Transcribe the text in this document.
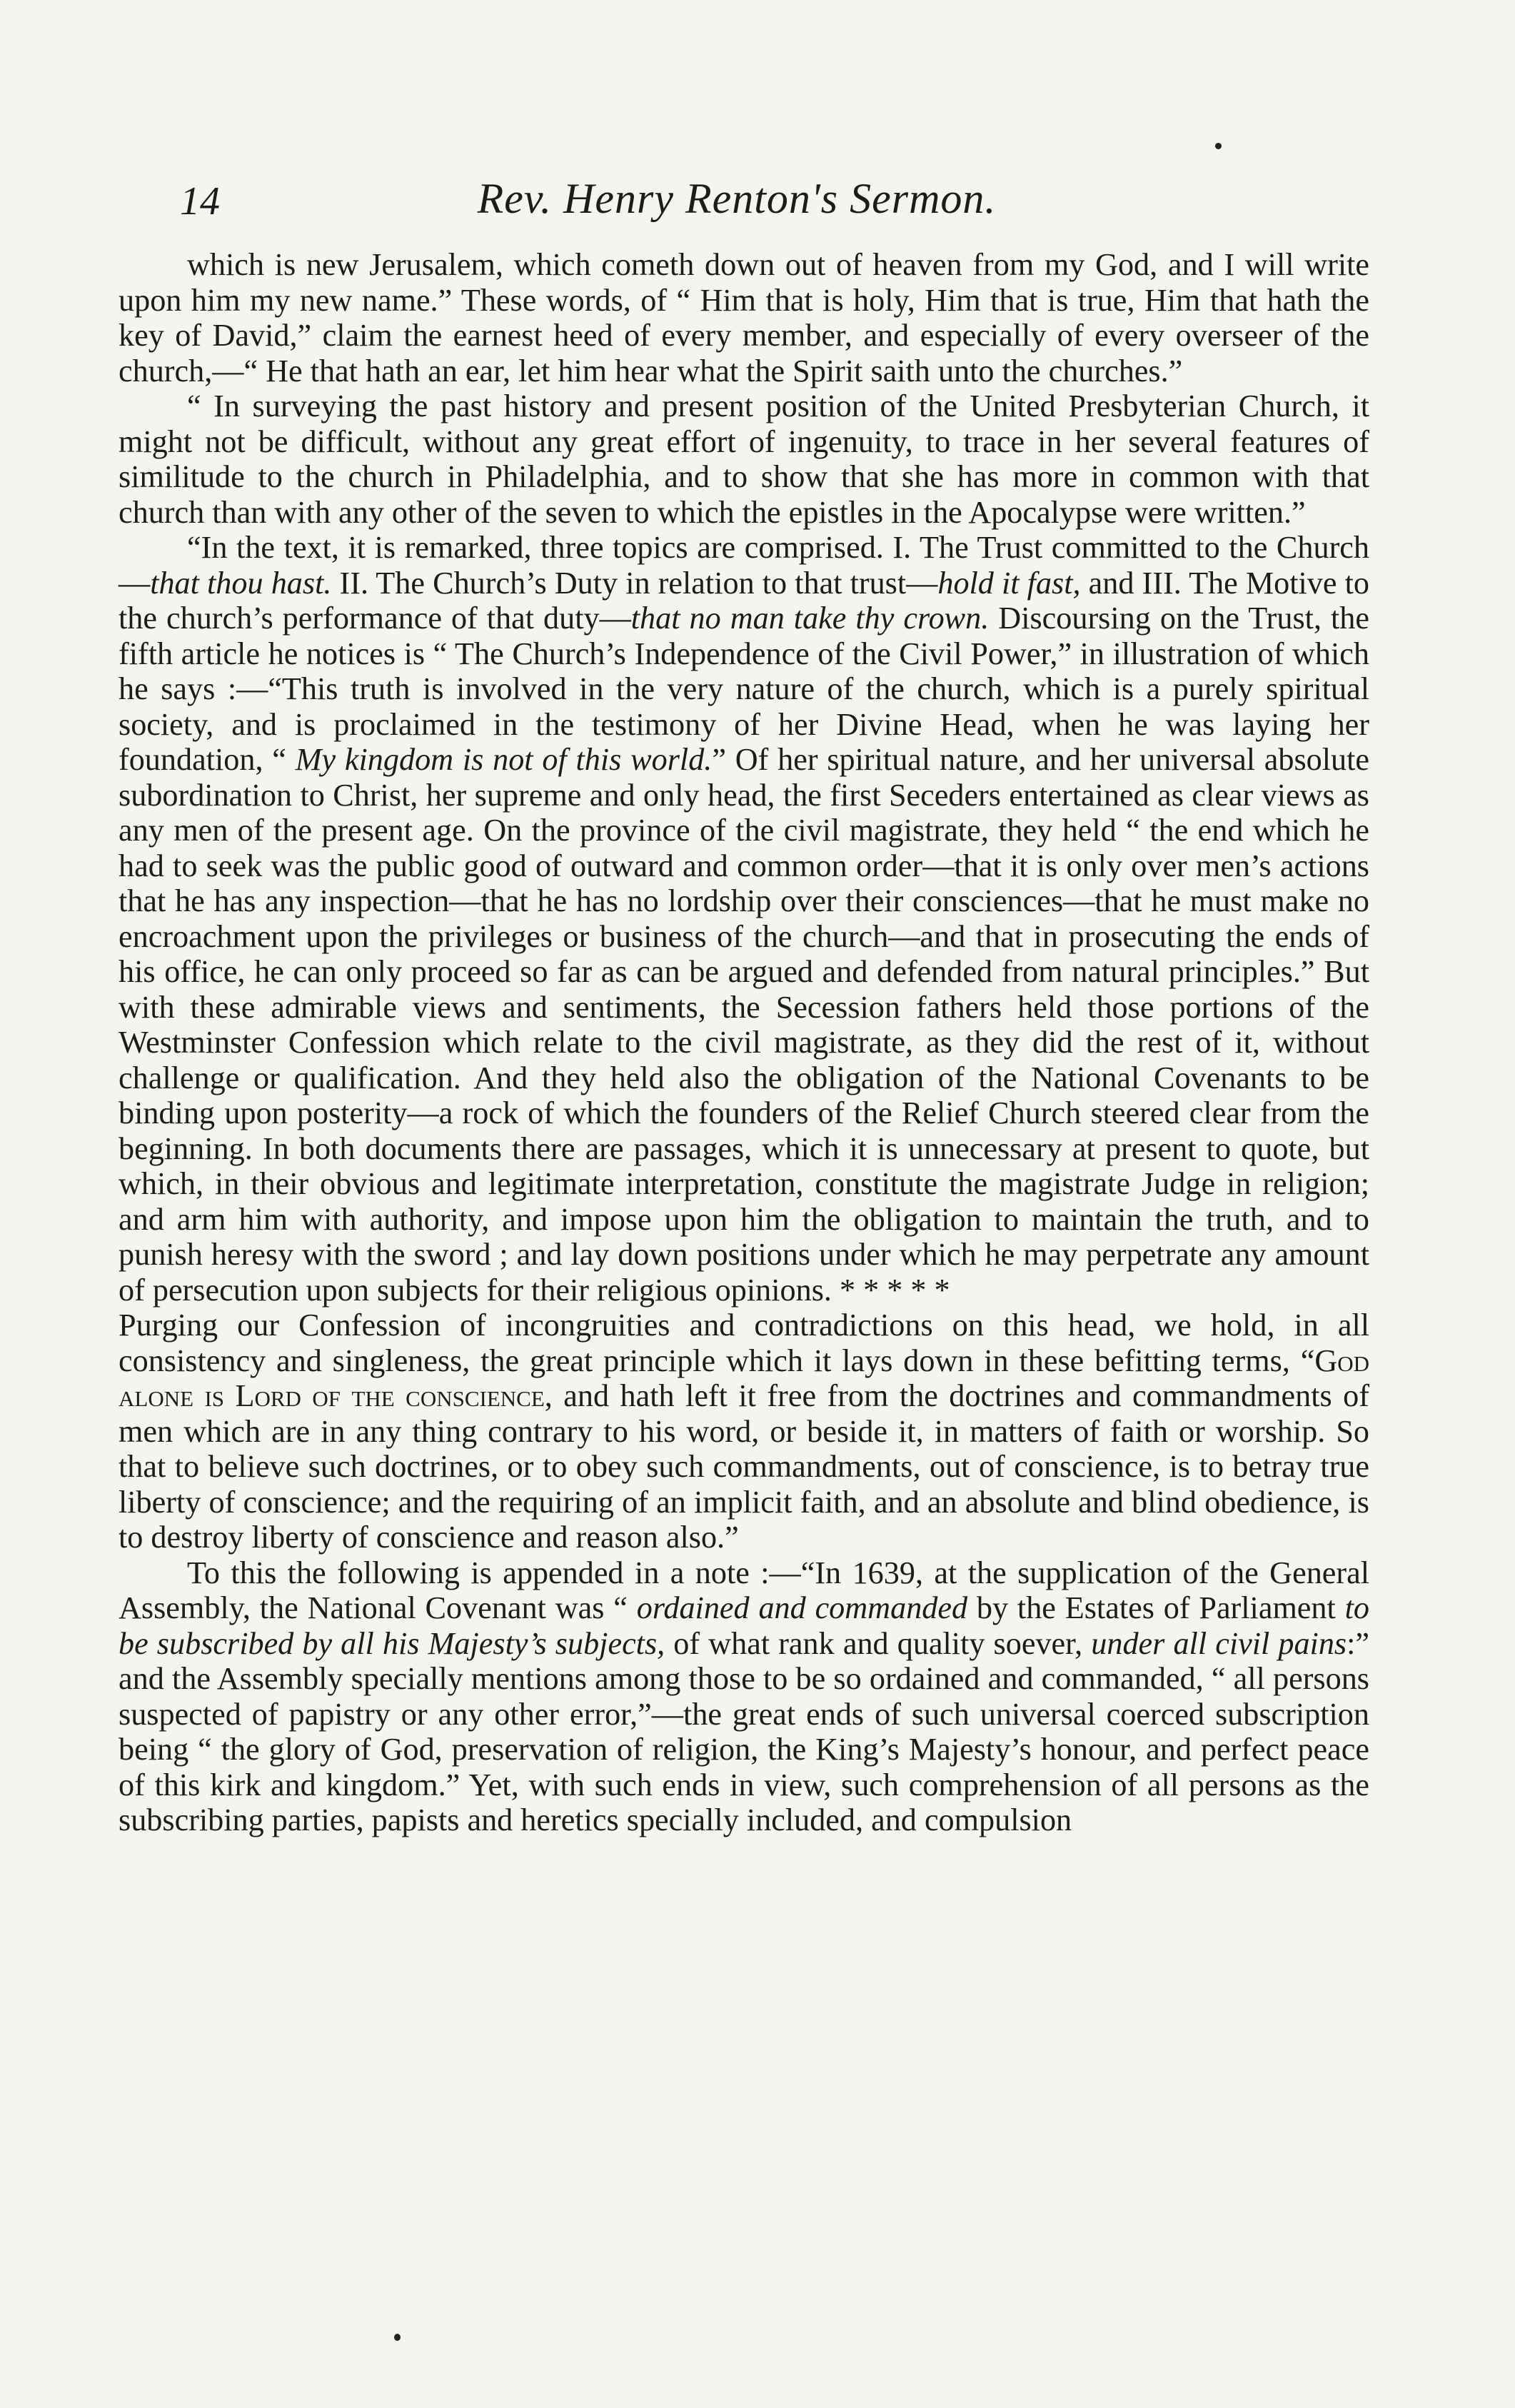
14	Rev. Henry Renton's Sermon.

which is new Jerusalem, which cometh down out of heaven from my God, and I will write upon him my new name.” These words, of “ Him that is holy, Him that is true, Him that hath the key of David,” claim the earnest heed of every member, and especially of every overseer of the church,—“ He that hath an ear, let him hear what the Spirit saith unto the churches.”

“ In surveying the past history and present position of the United Presbyterian Church, it might not be difficult, without any great effort of ingenuity, to trace in her several features of similitude to the church in Philadelphia, and to show that she has more in common with that church than with any other of the seven to which the epistles in the Apocalypse were written.”

“In the text, it is remarked, three topics are comprised. I. The Trust committed to the Church—that thou hast. II. The Church’s Duty in relation to that trust—hold it fast, and III. The Motive to the church’s performance of that duty—that no man take thy crown. Discoursing on the Trust, the fifth article he notices is “ The Church’s Independence of the Civil Power,” in illustration of which he says :—“This truth is involved in the very nature of the church, which is a purely spiritual society, and is proclaimed in the testimony of her Divine Head, when he was laying her foundation, “ My kingdom is not of this world.” Of her spiritual nature, and her universal absolute subordination to Christ, her supreme and only head, the first Seceders entertained as clear views as any men of the present age. On the province of the civil magistrate, they held “ the end which he had to seek was the public good of outward and common order—that it is only over men’s actions that he has any inspection—that he has no lordship over their consciences—that he must make no encroachment upon the privileges or business of the church—and that in prosecuting the ends of his office, he can only proceed so far as can be argued and defended from natural principles.” But with these admirable views and sentiments, the Secession fathers held those portions of the Westminster Confession which relate to the civil magistrate, as they did the rest of it, without challenge or qualification. And they held also the obligation of the National Covenants to be binding upon posterity—a rock of which the founders of the Relief Church steered clear from the beginning. In both documents there are passages, which it is unnecessary at present to quote, but which, in their obvious and legitimate interpretation, constitute the magistrate Judge in religion; and arm him with authority, and impose upon him the obligation to maintain the truth, and to punish heresy with the sword ; and lay down positions under which he may perpetrate any amount of persecution upon subjects for their religious opinions. * * * * *

Purging our Confession of incongruities and contradictions on this head, we hold, in all consistency and singleness, the great principle which it lays down in these befitting terms, “God alone is Lord of the conscience, and hath left it free from the doctrines and commandments of men which are in any thing contrary to his word, or beside it, in matters of faith or worship. So that to believe such doctrines, or to obey such commandments, out of conscience, is to betray true liberty of conscience; and the requiring of an implicit faith, and an absolute and blind obedience, is to destroy liberty of conscience and reason also.”

To this the following is appended in a note :—“In 1639, at the supplication of the General Assembly, the National Covenant was “ ordained and commanded by the Estates of Parliament to be subscribed by all his Majesty’s subjects, of what rank and quality soever, under all civil pains:” and the Assembly specially mentions among those to be so ordained and commanded, “ all persons suspected of papistry or any other error,”—the great ends of such universal coerced subscription being “ the glory of God, preservation of religion, the King’s Majesty’s honour, and perfect peace of this kirk and kingdom.” Yet, with such ends in view, such comprehension of all persons as the subscribing parties, papists and heretics specially included, and compulsion
